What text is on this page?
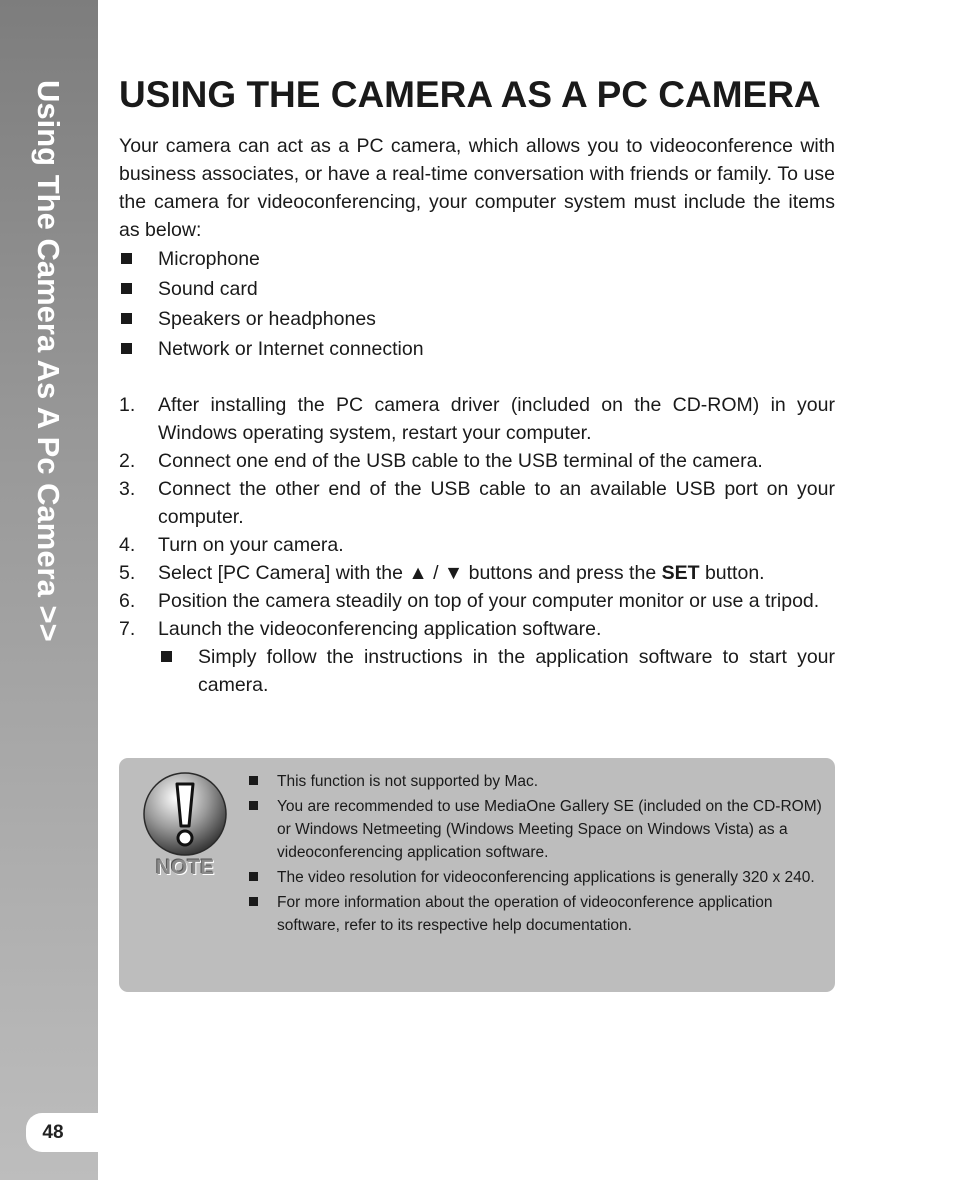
Using The Camera As A Pc Camera >>
48
USING THE CAMERA AS A PC CAMERA

Your camera can act as a PC camera, which allows you to videoconference with business associates, or have a real-time conversation with friends or family. To use the camera for videoconferencing, your computer system must include the items as below:

Microphone
Sound card
Speakers or headphones
Network or Internet connection
1. After installing the PC camera driver (included on the CD-ROM) in your Windows operating system, restart your computer.
2. Connect one end of the USB cable to the USB terminal of the camera.
3. Connect the other end of the USB cable to an available USB port on your computer.
4. Turn on your camera.
5. Select [PC Camera] with the ▲ / ▼ buttons and press the SET button.
6. Position the camera steadily on top of your computer monitor or use a tripod.
7. Launch the videoconferencing application software.
Simply follow the instructions in the application software to start your camera.
NOTE
This function is not supported by Mac.
You are recommended to use MediaOne Gallery SE (included on the CD-ROM) or Windows Netmeeting (Windows Meeting Space on Windows Vista) as a videoconferencing application software.
The video resolution for videoconferencing applications is generally 320 x 240.
For more information about the operation of videoconference application software, refer to its respective help documentation.
